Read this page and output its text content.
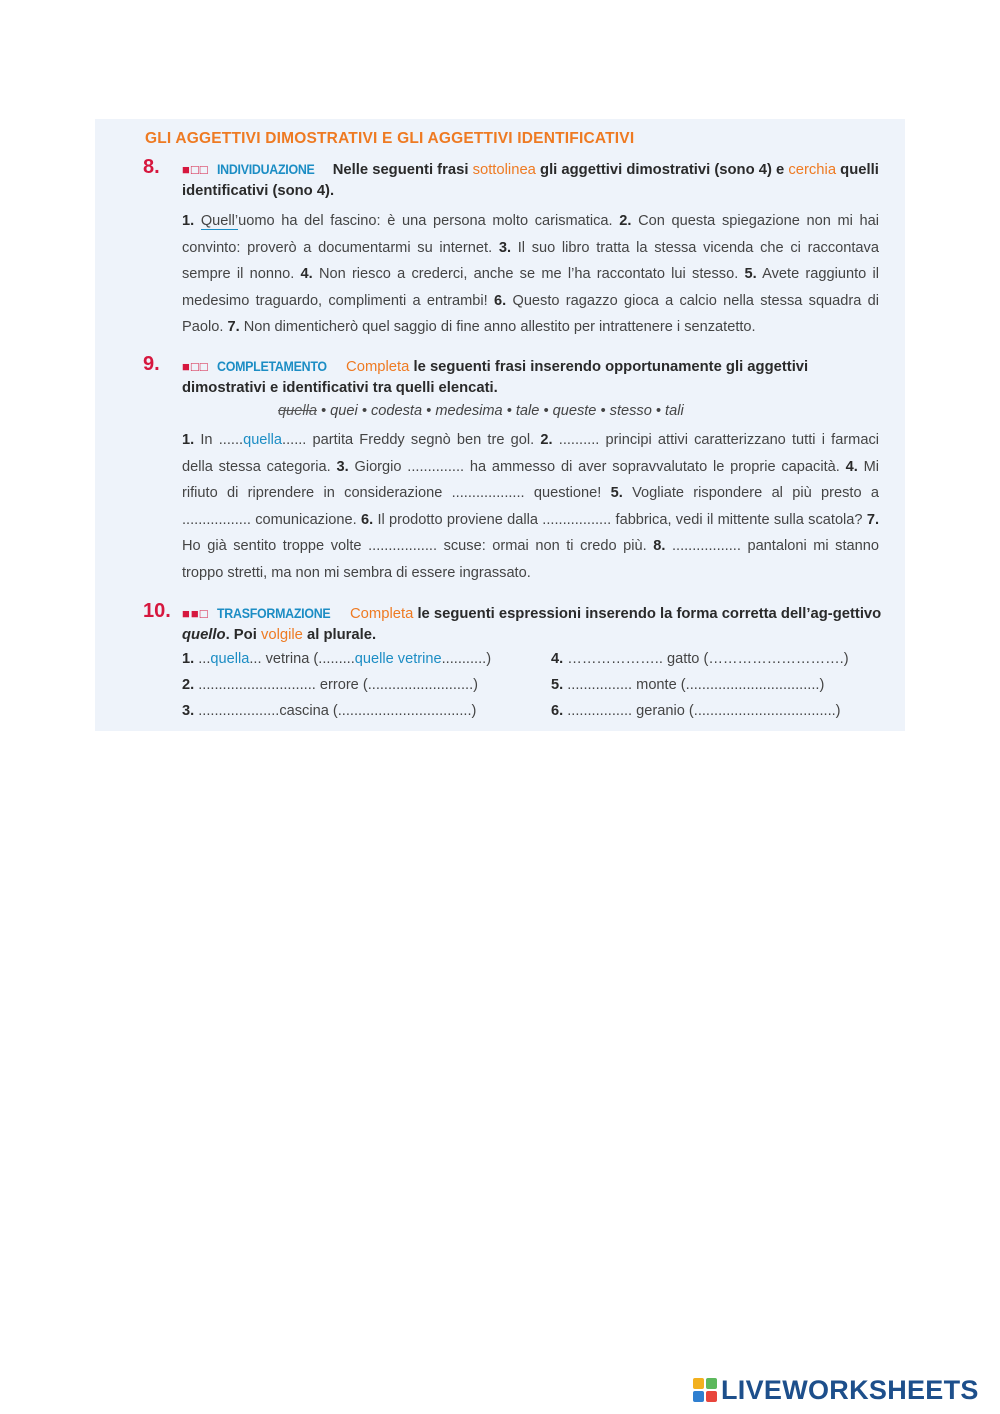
GLI AGGETTIVI DIMOSTRATIVI E GLI AGGETTIVI IDENTIFICATIVI
8. ■□□ INDIVIDUAZIONE Nelle seguenti frasi sottolinea gli aggettivi dimostrativi (sono 4) e cerchia quelli identificativi (sono 4).
1. Quell’uomo ha del fascino: è una persona molto carismatica. 2. Con questa spiegazione non mi hai convinto: proverò a documentarmi su internet. 3. Il suo libro tratta la stessa vicenda che ci raccontava sempre il nonno. 4. Non riesco a crederci, anche se me l’ha raccontato lui stesso. 5. Avete raggiunto il medesimo traguardo, complimenti a entrambi! 6. Questo ragazzo gioca a calcio nella stessa squadra di Paolo. 7. Non dimenticherò quel saggio di fine anno allestito per intrattenere i senzatetto.
9. ■□□ COMPLETAMENTO Completa le seguenti frasi inserendo opportunamente gli aggettivi dimostrativi e identificativi tra quelli elencati.
quella • quei • codesta • medesima • tale • queste • stesso • tali
1. In ......quella...... partita Freddy segnò ben tre gol. 2. .......... principi attivi caratterizzano tutti i farmaci della stessa categoria. 3. Giorgio .............. ha ammesso di aver sopravvalutato le proprie capacità. 4. Mi rifiuto di riprendere in considerazione .................. questione! 5. Vogliate rispondere al più presto a ................. comunicazione. 6. Il prodotto proviene dalla ................. fabbrica, vedi il mittente sulla scatola? 7. Ho già sentito troppe volte ................. scuse: ormai non ti credo più. 8. ................. pantaloni mi stanno troppo stretti, ma non mi sembra di essere ingrassato.
10. ■■□ TRASFORMAZIONE Completa le seguenti espressioni inserendo la forma corretta dell’ag-gettivo quello. Poi volgile al plurale.
1. ...quella... vetrina (.........quelle vetrine...........)
2. ............................. errore (..........................)
3. ....................cascina (.................................)
4. ……………….. gatto (……………………….)
5. ................ monte (.................................)
6. ................ geranio (...................................)
LIVEWORKSHEETS
